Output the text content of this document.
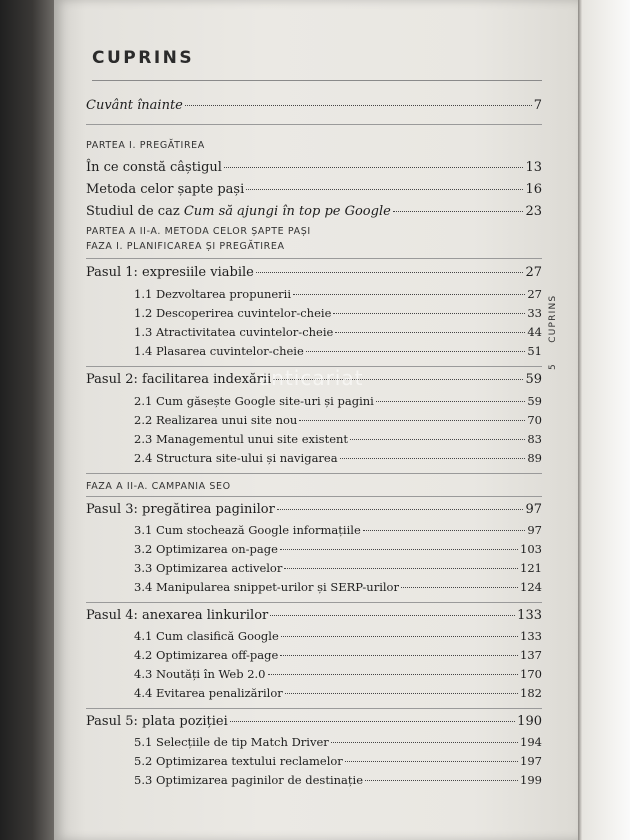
CUPRINS
Cuvânt înainte	7
PARTEA I. PREGĂTIREA
În ce constă câștigul	13
Metoda celor șapte pași	16
Studiul de caz Cum să ajungi în top pe Google	23
PARTEA A II-A. METODA CELOR ȘAPTE PAȘI
FAZA I. PLANIFICAREA ȘI PREGĂTIREA
Pasul 1: expresiile viabile	27
1.1 Dezvoltarea propunerii	27
1.2 Descoperirea cuvintelor-cheie	33
1.3 Atractivitatea cuvintelor-cheie	44
1.4 Plasarea cuvintelor-cheie	51
Pasul 2: facilitarea indexării	59
2.1 Cum găsește Google site-uri și pagini	59
2.2 Realizarea unui site nou	70
2.3 Managementul unui site existent	83
2.4 Structura site-ului și navigarea	89
FAZA A II-A. CAMPANIA SEO
Pasul 3: pregătirea paginilor	97
3.1 Cum stochează Google informațiile	97
3.2 Optimizarea on-page	103
3.3 Optimizarea activelor	121
3.4 Manipularea snippet-urilor și SERP-urilor	124
Pasul 4: anexarea linkurilor	133
4.1 Cum clasifică Google	133
4.2 Optimizarea off-page	137
4.3 Noutăți în Web 2.0	170
4.4 Evitarea penalizărilor	182
Pasul 5: plata poziției	190
5.1 Selecțiile de tip Match Driver	194
5.2 Optimizarea textului reclamelor	197
5.3 Optimizarea paginilor de destinație	199
5     CUPRINS
anticariat
